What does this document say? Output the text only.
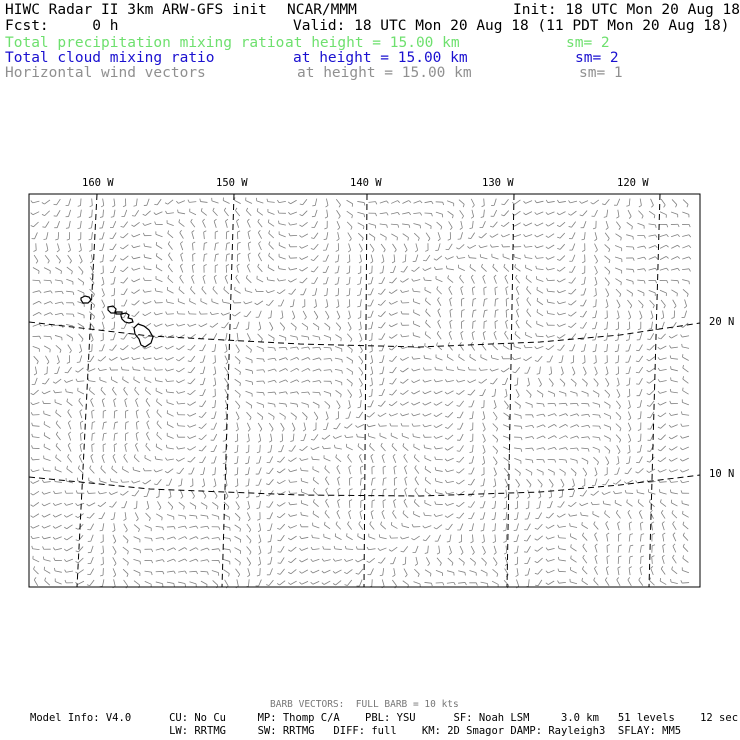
HIWC Radar II 3km ARW-GFS init NCAR/MMM	Init: 18 UTC Mon 20 Aug 18
Fcst:     0 h	Valid: 18 UTC Mon 20 Aug 18 (11 PDT Mon 20 Aug 18)
Total precipitation mixing ratio at height = 15.00 km	sm= 2
Total cloud mixing ratio	at height = 15.00 km	sm= 2
Horizontal wind vectors	at height = 15.00 km	sm= 1
160 W	150 W	140 W	130 W	120 W
20 N
10 N
BARB VECTORS:  FULL BARB = 10 kts
Model Info: V4.0      CU: No Cu     MP: Thomp C/A    PBL: YSU      SF: Noah LSM     3.0 km   51 levels    12 sec
LW: RRTMG     SW: RRTMG   DIFF: full    KM: 2D Smagor DAMP: Rayleigh3  SFLAY: MM5
